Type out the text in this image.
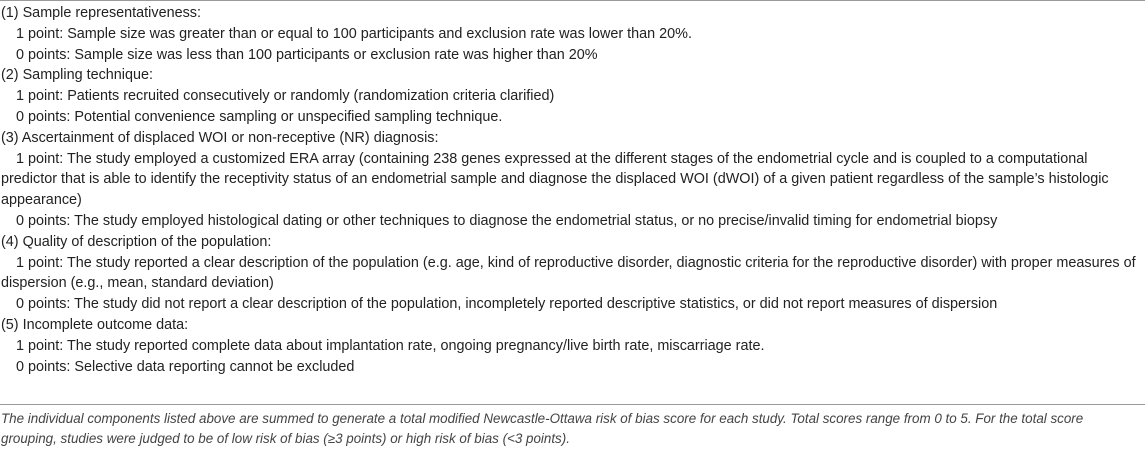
(1) Sample representativeness:

1 point: Sample size was greater than or equal to 100 participants and exclusion rate was lower than 20%.

0 points: Sample size was less than 100 participants or exclusion rate was higher than 20%

(2) Sampling technique:

1 point: Patients recruited consecutively or randomly (randomization criteria clarified)

0 points: Potential convenience sampling or unspecified sampling technique.

(3) Ascertainment of displaced WOI or non-receptive (NR) diagnosis:

1 point: The study employed a customized ERA array (containing 238 genes expressed at the different stages of the endometrial cycle and is coupled to a computational predictor that is able to identify the receptivity status of an endometrial sample and diagnose the displaced WOI (dWOI) of a given patient regardless of the sample’s histologic appearance)

0 points: The study employed histological dating or other techniques to diagnose the endometrial status, or no precise/invalid timing for endometrial biopsy

(4) Quality of description of the population:

1 point: The study reported a clear description of the population (e.g. age, kind of reproductive disorder, diagnostic criteria for the reproductive disorder) with proper measures of dispersion (e.g., mean, standard deviation)

0 points: The study did not report a clear description of the population, incompletely reported descriptive statistics, or did not report measures of dispersion

(5) Incomplete outcome data:

1 point: The study reported complete data about implantation rate, ongoing pregnancy/live birth rate, miscarriage rate.

0 points: Selective data reporting cannot be excluded

The individual components listed above are summed to generate a total modified Newcastle-Ottawa risk of bias score for each study. Total scores range from 0 to 5. For the total score grouping, studies were judged to be of low risk of bias (≥3 points) or high risk of bias (<3 points).
